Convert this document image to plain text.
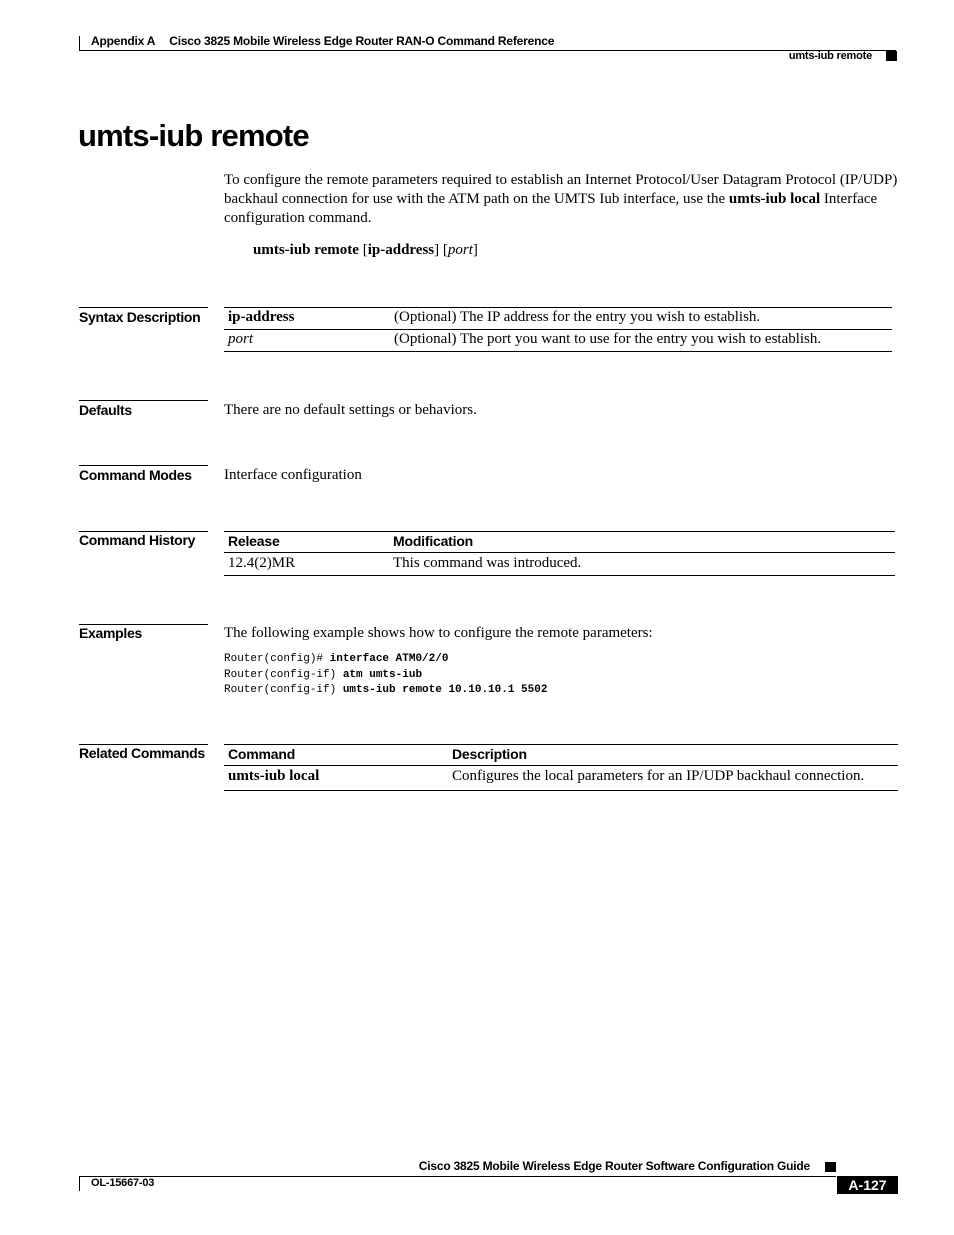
Appendix A Cisco 3825 Mobile Wireless Edge Router RAN-O Command Reference
umts-iub remote
umts-iub remote
To configure the remote parameters required to establish an Internet Protocol/User Datagram Protocol (IP/UDP) backhaul connection for use with the ATM path on the UMTS Iub interface, use the umts-iub local Interface configuration command.
umts-iub remote [ip-address] [port]
Syntax Description ip-address	(Optional) The IP address for the entry you wish to establish.
port	(Optional) The port you want to use for the entry you wish to establish.
Defaults	There are no default settings or behaviors.
Command Modes Interface configuration
Command History Release	Modification
12.4(2)MR	This command was introduced.
Examples	The following example shows how to configure the remote parameters:
Router(config)# interface ATM0/2/0
Router(config-if) atm umts-iub
Router(config-if) umts-iub remote 10.10.10.1 5502
Related Commands Command	Description
umts-iub local	Configures the local parameters for an IP/UDP backhaul connection.
Cisco 3825 Mobile Wireless Edge Router Software Configuration Guide
OL-15667-03	A-127
